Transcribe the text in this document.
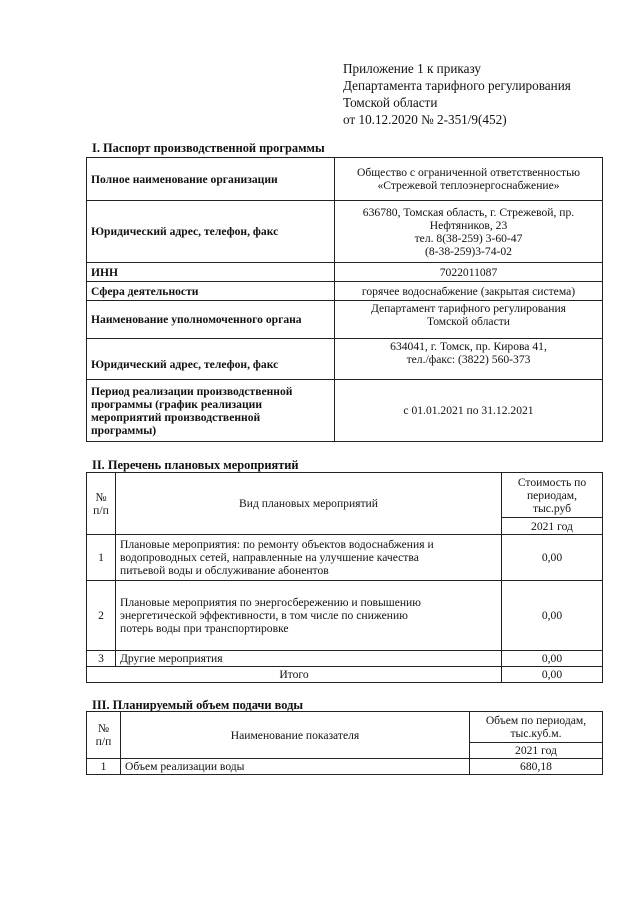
Приложение 1 к приказу
Департамента тарифного регулирования
Томской области
от 10.12.2020 № 2-351/9(452)
I. Паспорт производственной программы
Полное наименование организации	Общество с ограниченной ответственностью
«Стрежевой теплоэнергоснабжение»
Юридический адрес, телефон, факс	636780, Томская область, г. Стрежевой, пр.
Нефтяников, 23
тел. 8(38-259) 3-60-47
(8-38-259)3-74-02
ИНН	7022011087
Сфера деятельности	горячее водоснабжение (закрытая система)
Наименование уполномоченного органа	Департамент тарифного регулирования
Томской области
Юридический адрес, телефон, факс	634041, г. Томск, пр. Кирова 41,
тел./факс: (3822) 560-373
Период реализации производственной
программы (график реализации
мероприятий производственной
программы)	с 01.01.2021 по 31.12.2021
II. Перечень плановых мероприятий
№
п/п	Вид плановых мероприятий	Стоимость по
периодам,
тыс.руб
		2021 год
1	Плановые мероприятия: по ремонту объектов водоснабжения и
водопроводных сетей, направленные на улучшение качества
питьевой воды и обслуживание абонентов	0,00
2	Плановые мероприятия по энергосбережению и повышению
энергетической эффективности, в том числе по снижению
потерь воды при транспортировке	0,00
3	Другие мероприятия	0,00
Итого		0,00
III. Планируемый объем подачи воды
№
п/п	Наименование показателя	Объем по периодам,
тыс.куб.м.
		2021 год
1	Объем реализации воды	680,18
